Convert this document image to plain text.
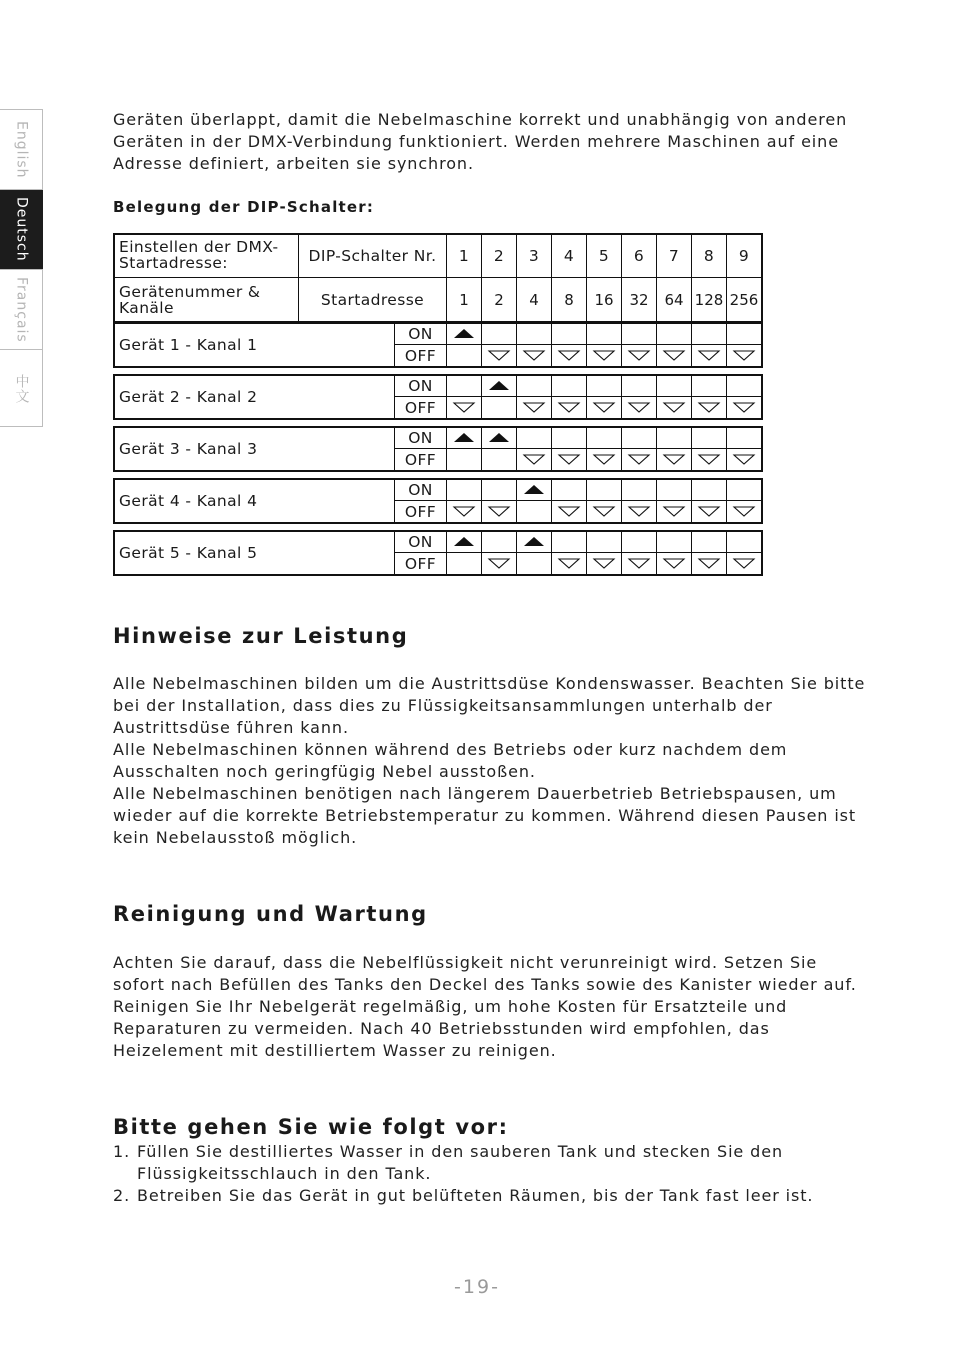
English
Deutsch
Français
中文

Geräten überlappt, damit die Nebelmaschine korrekt und unabhängig von anderen Geräten in der DMX-Verbindung funktioniert. Werden mehrere Maschinen auf eine Adresse definiert, arbeiten sie synchron.

Belegung der DIP-Schalter:

Einstellen der DMX-Startadresse:
Gerätenummer & Kanäle
DIP-Schalter Nr.
Startadresse
1
1
2
2
3
4
4
8
5
16
6
32
7
64
8
128
9
256
Gerät 1 - Kanal 1
ON
OFF
Gerät 2 - Kanal 2
ON
OFF
Gerät 3 - Kanal 3
ON
OFF
Gerät 4 - Kanal 4
ON
OFF
Gerät 5 - Kanal 5
ON
OFF
Hinweise zur Leistung

Alle Nebelmaschinen bilden um die Austrittsdüse Kondenswasser. Beachten Sie bitte bei der Installation, dass dies zu Flüssigkeitsansammlungen unterhalb der Austrittsdüse führen kann.
Alle Nebelmaschinen können während des Betriebs oder kurz nachdem dem Ausschalten noch geringfügig Nebel ausstoßen.
Alle Nebelmaschinen benötigen nach längerem Dauerbetrieb Betriebspausen, um wieder auf die korrekte Betriebstemperatur zu kommen. Während diesen Pausen ist kein Nebelausstoß möglich.

Reinigung und Wartung

Achten Sie darauf, dass die Nebelflüssigkeit nicht verunreinigt wird. Setzen Sie sofort nach Befüllen des Tanks den Deckel des Tanks sowie des Kanister wieder auf. Reinigen Sie Ihr Nebelgerät regelmäßig, um hohe Kosten für Ersatzteile und Reparaturen zu vermeiden. Nach 40 Betriebsstunden wird empfohlen, das Heizelement mit destilliertem Wasser zu reinigen.

Bitte gehen Sie wie folgt vor:
1. Füllen Sie destilliertes Wasser in den sauberen Tank und stecken Sie den Flüssigkeitsschlauch in den Tank.
2. Betreiben Sie das Gerät in gut belüfteten Räumen, bis der Tank fast leer ist.
-19-
